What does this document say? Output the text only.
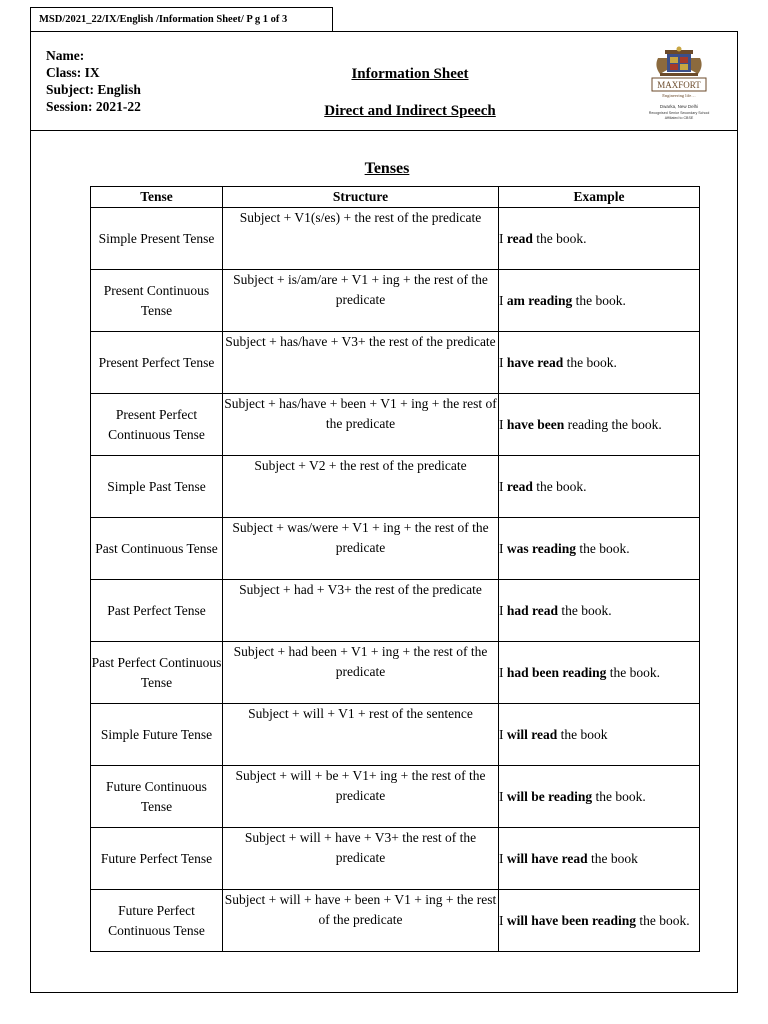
MSD/2021_22/IX/English /Information Sheet/ P g 1 of 3
Name:
Class: IX
Subject: English
Session: 2021-22
Information Sheet
Direct and Indirect Speech
MAXFORT
Engineering life…
Dwarka, New Delhi
Recognised Senior Secondary School
Affiliated to CBSE
Tenses
Tense	Structure	Example
Simple Present Tense	Subject + V1(s/es) + the rest of the predicate	I read the book.
Present Continuous Tense	Subject + is/am/are + V1 + ing + the rest of the predicate	I am reading the book.
Present Perfect Tense	Subject + has/have + V3+ the rest of the predicate	I have read the book.
Present Perfect Continuous Tense	Subject + has/have + been + V1 + ing + the rest of the predicate	I have been reading the book.
Simple Past Tense	Subject + V2 + the rest of the predicate	I read the book.
Past Continuous Tense	Subject + was/were + V1 + ing + the rest of the predicate	I was reading the book.
Past Perfect Tense	Subject + had + V3+ the rest of the predicate	I had read the book.
Past Perfect Continuous Tense	Subject + had been + V1 + ing + the rest of the predicate	I had been reading the book.
Simple Future Tense	Subject + will + V1 + rest of the sentence	I will read the book
Future Continuous Tense	Subject + will + be + V1+ ing + the rest of the predicate	I will be reading the book.
Future Perfect Tense	Subject + will + have + V3+ the rest of the predicate	I will have read the book
Future Perfect Continuous Tense	Subject + will + have + been + V1 + ing + the rest of the predicate	I will have been reading the book.
